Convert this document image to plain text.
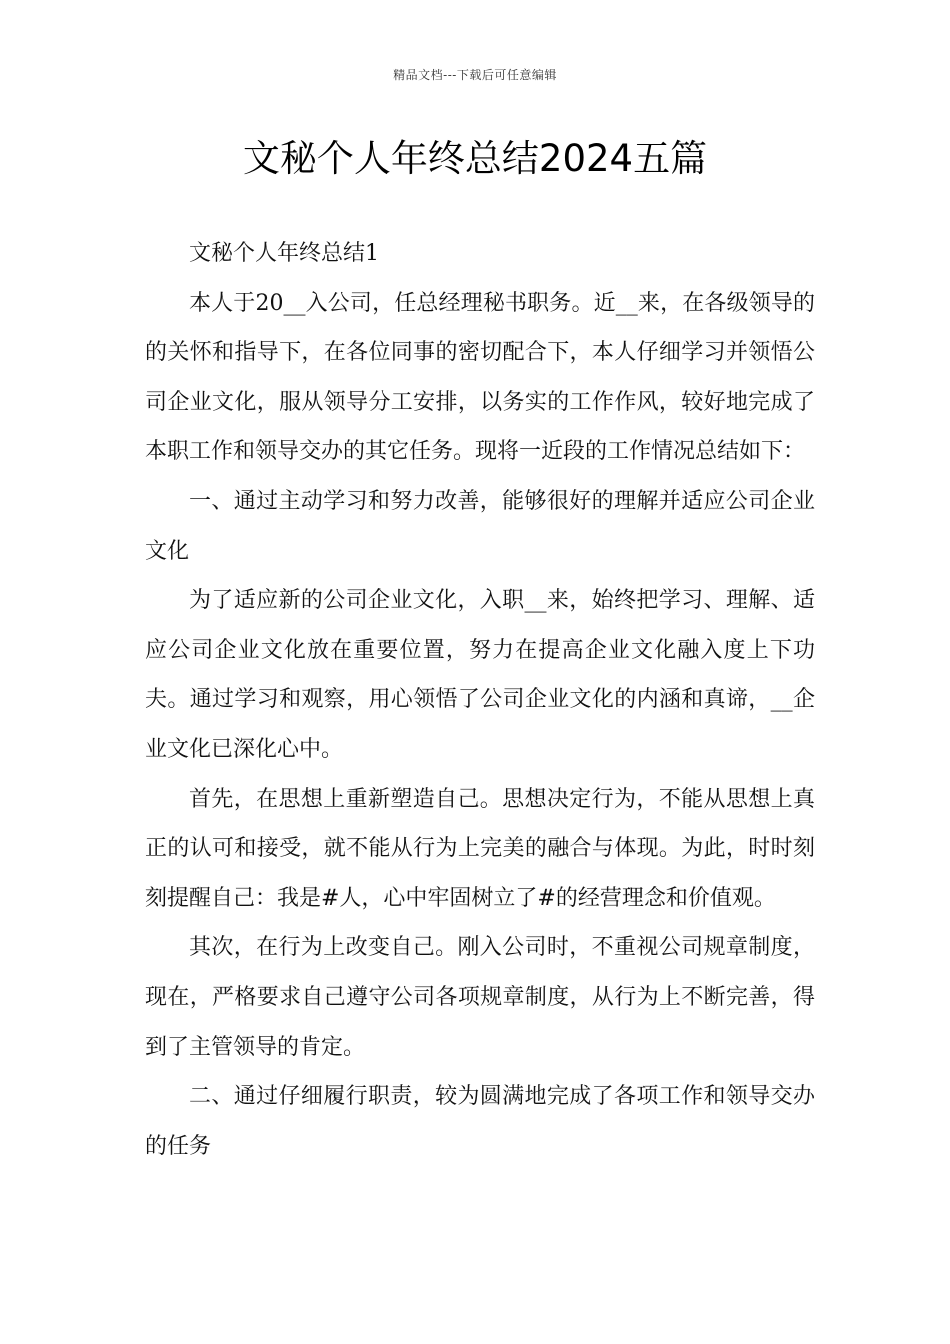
精品文档---下载后可任意编辑
文秘个人年终总结2024五篇

文秘个人年终总结1

本人于20__入公司，任总经理秘书职务。近__来，在各级领导的的关怀和指导下，在各位同事的密切配合下，本人仔细学习并领悟公司企业文化，服从领导分工安排，以务实的工作作风，较好地完成了本职工作和领导交办的其它任务。现将一近段的工作情况总结如下：

一、通过主动学习和努力改善，能够很好的理解并适应公司企业文化

为了适应新的公司企业文化，入职__来，始终把学习、理解、适应公司企业文化放在重要位置，努力在提高企业文化融入度上下功夫。通过学习和观察，用心领悟了公司企业文化的内涵和真谛，__企业文化已深化心中。

首先，在思想上重新塑造自己。思想决定行为，不能从思想上真正的认可和接受，就不能从行为上完美的融合与体现。为此，时时刻刻提醒自己：我是#人，心中牢固树立了#的经营理念和价值观。

其次，在行为上改变自己。刚入公司时，不重视公司规章制度，现在，严格要求自己遵守公司各项规章制度，从行为上不断完善，得到了主管领导的肯定。

二、通过仔细履行职责，较为圆满地完成了各项工作和领导交办的任务
